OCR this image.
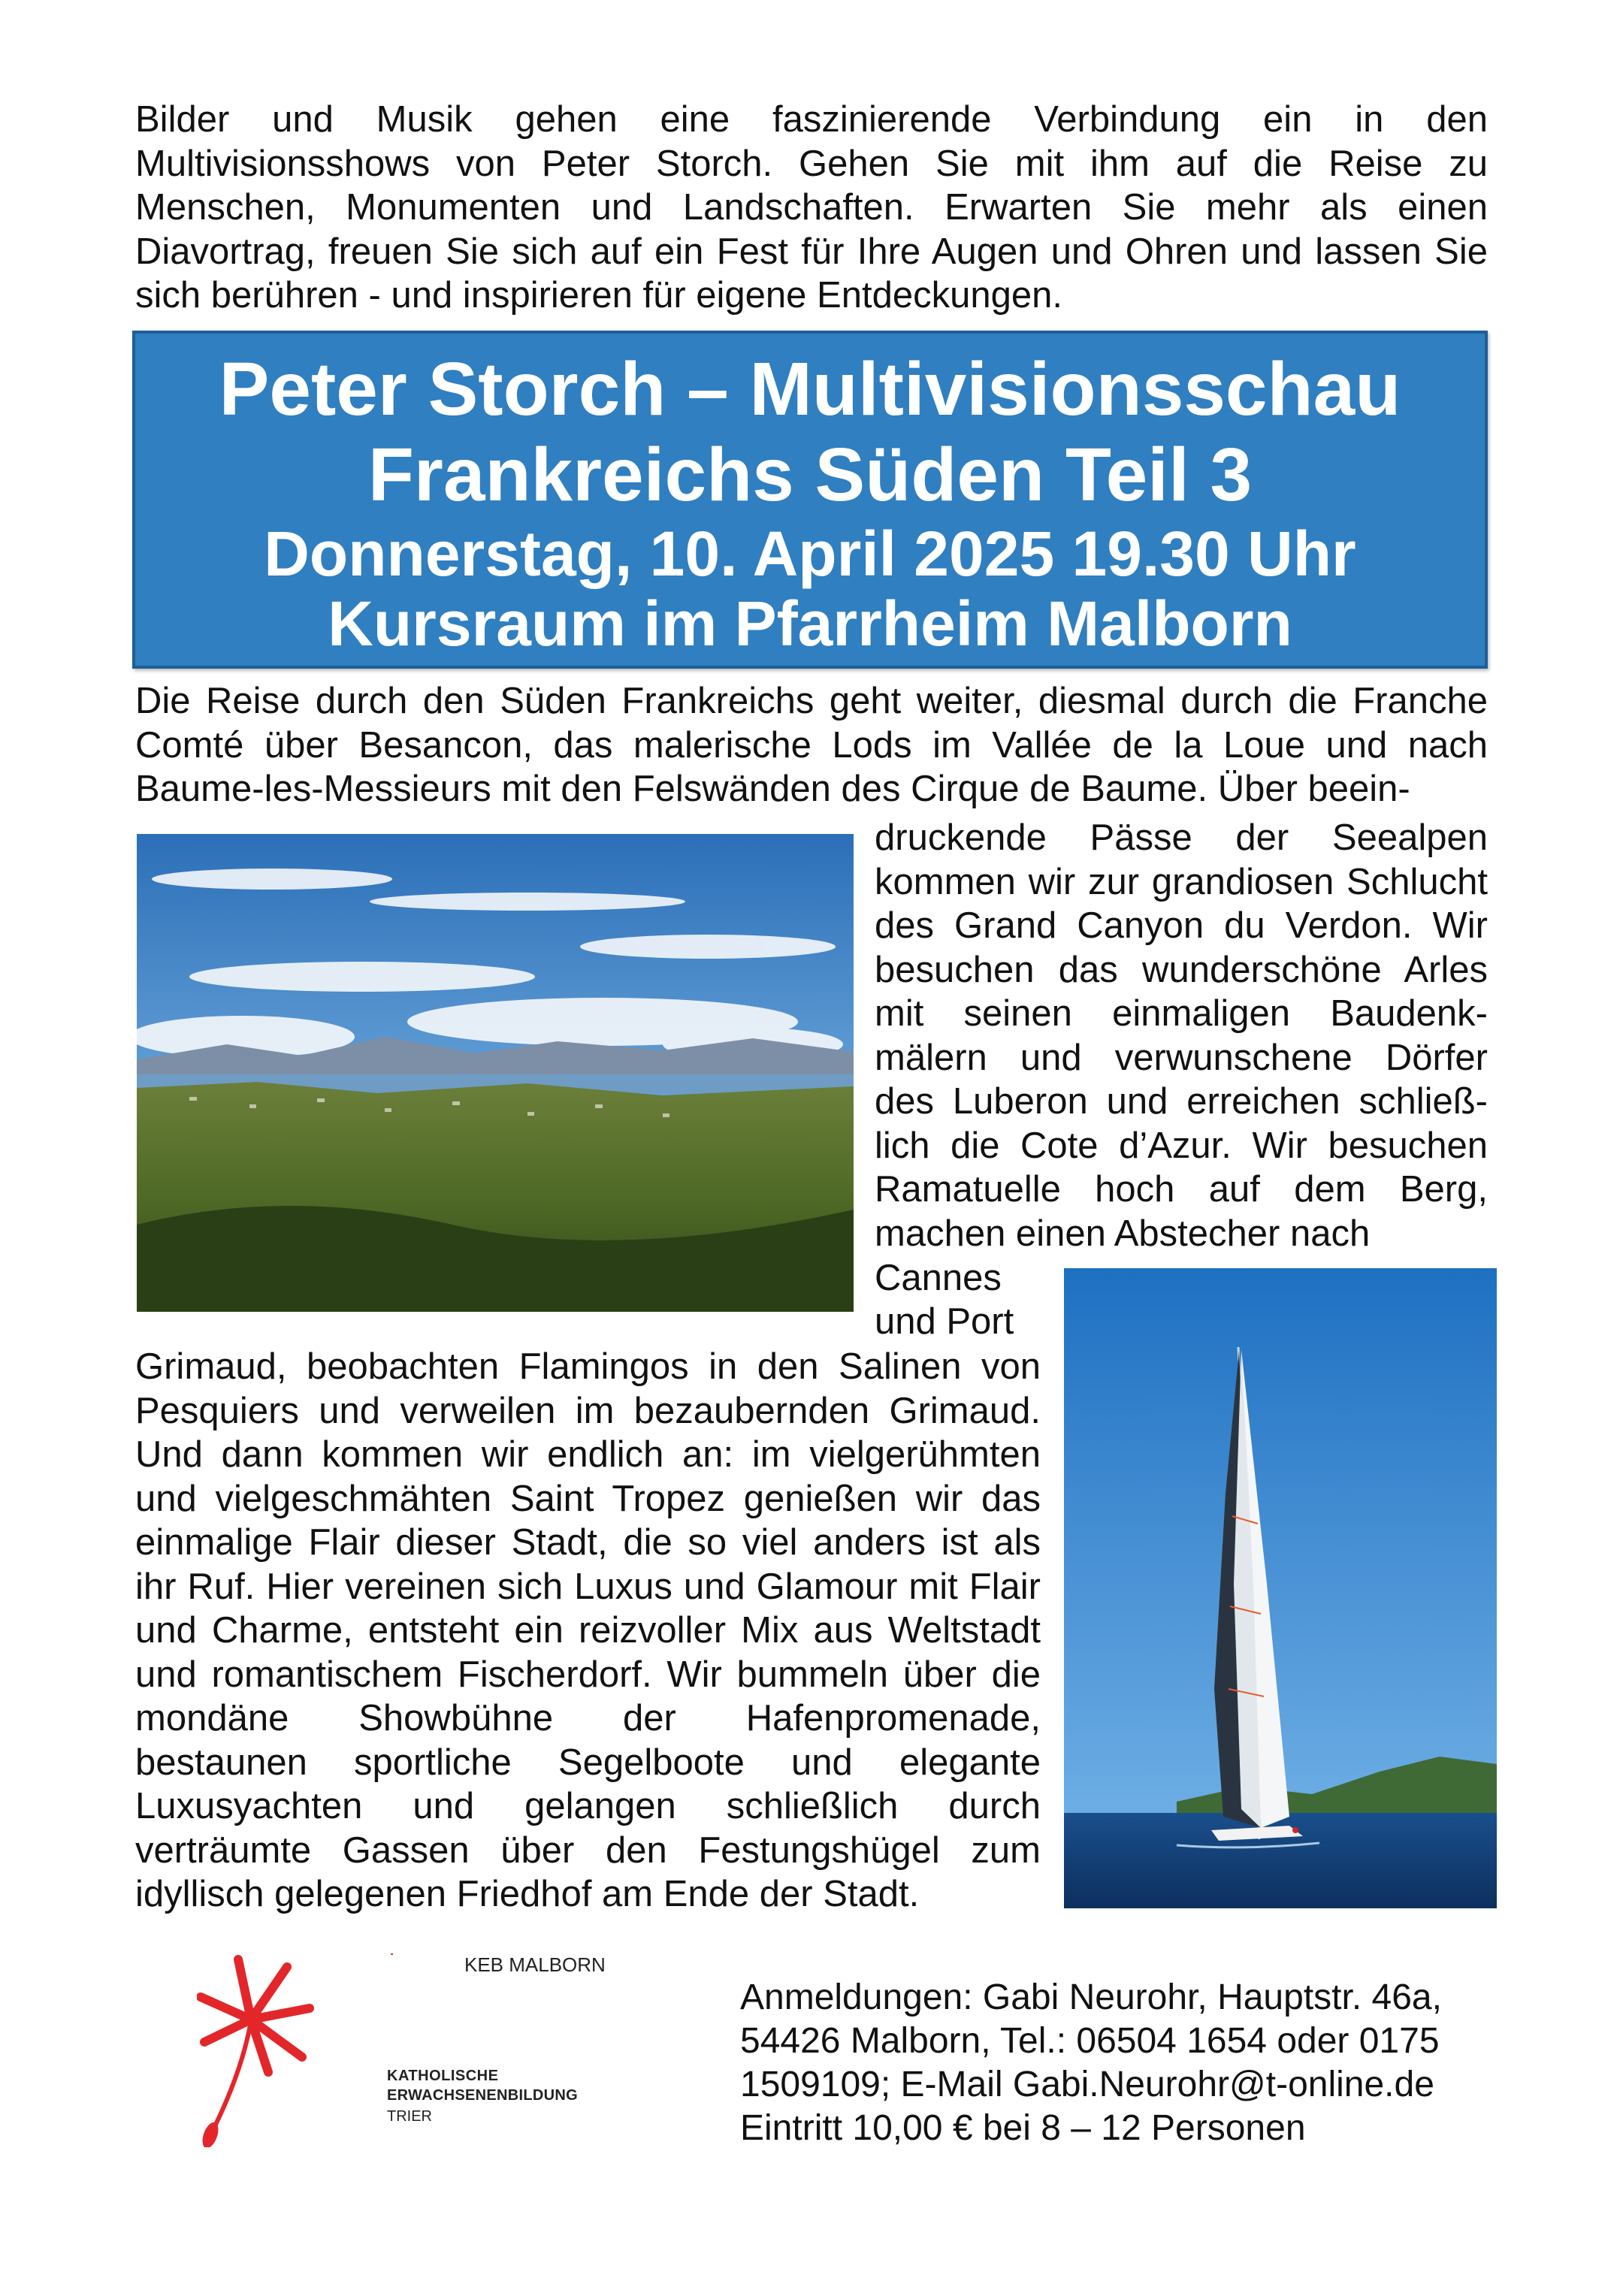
Bilder und Musik gehen eine faszinierende Verbindung ein in den Multivisionsshows von Peter Storch. Gehen Sie mit ihm auf die Reise zu Menschen, Monumenten und Landschaften. Erwarten Sie mehr als einen Diavortrag, freuen Sie sich auf ein Fest für Ihre Augen und Ohren und lassen Sie sich berühren - und inspirieren für eigene Entdeckungen.
Peter Storch – Multivisionsschau
Frankreichs Süden Teil 3
Donnerstag, 10. April 2025 19.30 Uhr
Kursraum im Pfarrheim Malborn
Die Reise durch den Süden Frankreichs geht weiter, diesmal durch die Franche Comté über Besancon, das malerische Lods im Vallée de la Loue und nach Baume-les-Messieurs mit den Felswänden des Cirque de Baume. Über beein-
druckende Pässe der Seealpen kommen wir zur grandiosen Schlucht des Grand Canyon du Verdon. Wir besuchen das wunderschöne Arles mit seinen einmaligen Baudenk-mälern und verwunschene Dörfer des Luberon und erreichen schließ-lich die Cote d’Azur. Wir besuchen Ramatuelle hoch auf dem Berg, machen einen Abstecher nach
Cannes
und Port
Grimaud, beobachten Flamingos in den Salinen von Pesquiers und verweilen im bezaubernden Grimaud. Und dann kommen wir endlich an: im vielgerühmten und vielgeschmähten Saint Tropez genießen wir das einmalige Flair dieser Stadt, die so viel anders ist als ihr Ruf. Hier vereinen sich Luxus und Glamour mit Flair und Charme, entsteht ein reizvoller Mix aus Weltstadt und romantischem Fischerdorf. Wir bummeln über die mondäne Showbühne der Hafenpromenade, bestaunen sportliche Segelboote und elegante Luxusyachten und gelangen schließlich durch verträumte Gassen über den Festungshügel zum idyllisch gelegenen Friedhof am Ende der Stadt.
KEB MALBORN
KATHOLISCHE
ERWACHSENENBILDUNG
TRIER
Anmeldungen: Gabi Neurohr, Hauptstr. 46a,
54426 Malborn, Tel.: 06504 1654 oder 0175
1509109; E-Mail Gabi.Neurohr@t-online.de
Eintritt 10,00 € bei 8 – 12 Personen
